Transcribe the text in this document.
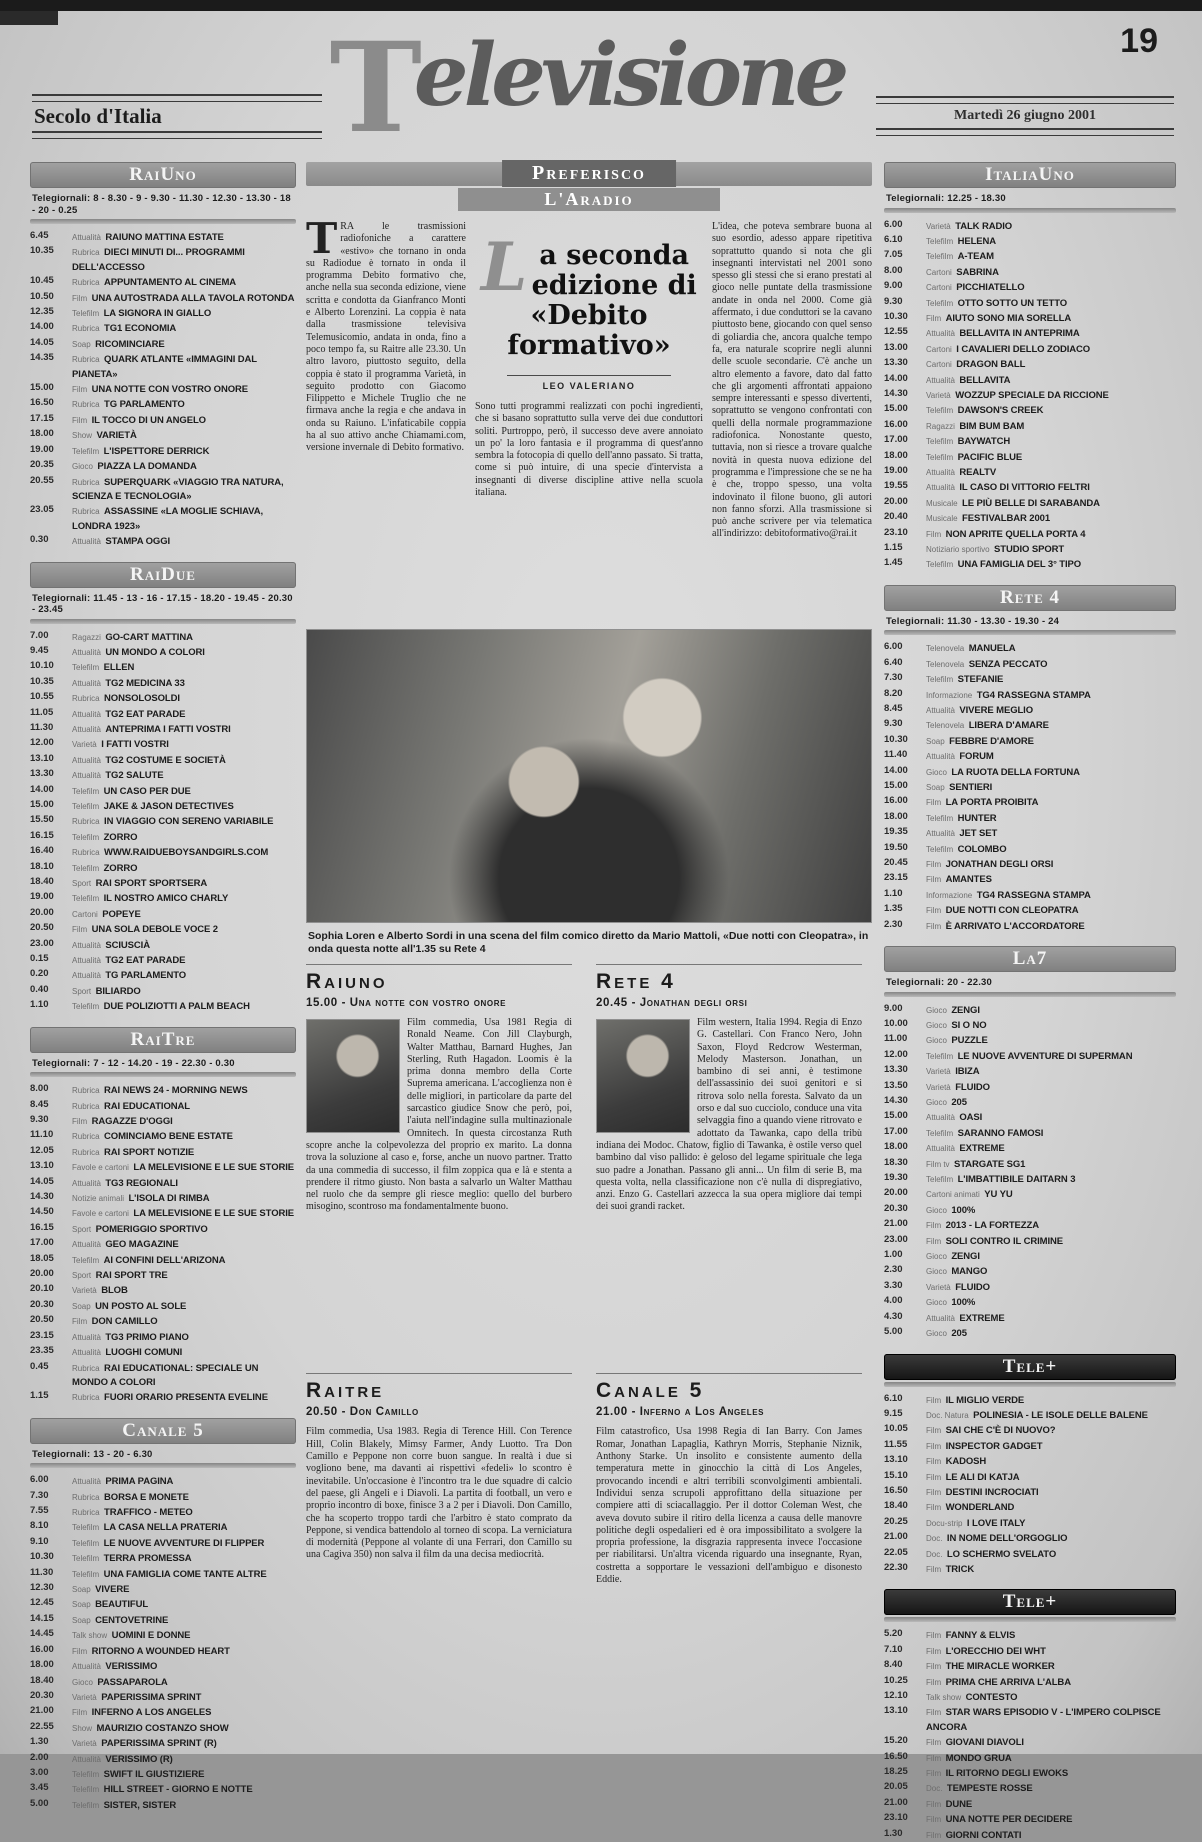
19
Secolo d'Italia	Televisione	Martedì 26 giugno 2001
RaiUno
Telegiornali: 8 - 8.30 - 9 - 9.30 - 11.30 - 12.30 - 13.30 - 18 - 20 - 0.25
6.45	Attualità RAIUNO MATTINA ESTATE
10.35	Rubrica DIECI MINUTI DI... PROGRAMMI DELL'ACCESSO
10.45	Rubrica APPUNTAMENTO AL CINEMA
10.50	Film UNA AUTOSTRADA ALLA TAVOLA ROTONDA
12.35	Telefilm LA SIGNORA IN GIALLO
14.00	Rubrica TG1 ECONOMIA
14.05	Soap RICOMINCIARE
14.35	Rubrica QUARK ATLANTE «IMMAGINI DAL PIANETA»
15.00	Film UNA NOTTE CON VOSTRO ONORE
16.50	Rubrica TG PARLAMENTO
17.15	Film IL TOCCO DI UN ANGELO
18.00	Show VARIETÀ
19.00	Telefilm L'ISPETTORE DERRICK
20.35	Gioco PIAZZA LA DOMANDA
20.55	Rubrica SUPERQUARK «VIAGGIO TRA NATURA, SCIENZA E TECNOLOGIA»
23.05	Rubrica ASSASSINE «LA MOGLIE SCHIAVA, LONDRA 1923»
0.30	Attualità STAMPA OGGI
RaiDue
Telegiornali: 11.45 - 13 - 16 - 17.15 - 18.20 - 19.45 - 20.30 - 23.45
7.00	Ragazzi GO-CART MATTINA
9.45	Attualità UN MONDO A COLORI
10.10	Telefilm ELLEN
10.35	Attualità TG2 MEDICINA 33
10.55	Rubrica NONSOLOSOLDI
11.05	Attualità TG2 EAT PARADE
11.30	Attualità ANTEPRIMA I FATTI VOSTRI
12.00	Varietà I FATTI VOSTRI
13.10	Attualità TG2 COSTUME E SOCIETÀ
13.30	Attualità TG2 SALUTE
14.00	Telefilm UN CASO PER DUE
15.00	Telefilm JAKE & JASON DETECTIVES
15.50	Rubrica IN VIAGGIO CON SERENO VARIABILE
16.15	Telefilm ZORRO
16.40	Rubrica WWW.RAIDUEBOYSANDGIRLS.COM
18.10	Telefilm ZORRO
18.40	Sport RAI SPORT SPORTSERA
19.00	Telefilm IL NOSTRO AMICO CHARLY
20.00	Cartoni POPEYE
20.50	Film UNA SOLA DEBOLE VOCE 2
23.00	Attualità SCIUSCIÀ
0.15	Attualità TG2 EAT PARADE
0.20	Attualità TG PARLAMENTO
0.40	Sport BILIARDO
1.10	Telefilm DUE POLIZIOTTI A PALM BEACH
RaiTre
Telegiornali: 7 - 12 - 14.20 - 19 - 22.30 - 0.30
8.00	Rubrica RAI NEWS 24 - MORNING NEWS
8.45	Rubrica RAI EDUCATIONAL
9.30	Film RAGAZZE D'OGGI
11.10	Rubrica COMINCIAMO BENE ESTATE
12.05	Rubrica RAI SPORT NOTIZIE
13.10	Favole e cartoni LA MELEVISIONE E LE SUE STORIE
14.05	Attualità TG3 REGIONALI
14.30	Notizie animali L'ISOLA DI RIMBA
14.50	Favole e cartoni LA MELEVISIONE E LE SUE STORIE
16.15	Sport POMERIGGIO SPORTIVO
17.00	Attualità GEO MAGAZINE
18.05	Telefilm AI CONFINI DELL'ARIZONA
20.00	Sport RAI SPORT TRE
20.10	Varietà BLOB
20.30	Soap UN POSTO AL SOLE
20.50	Film DON CAMILLO
23.15	Attualità TG3 PRIMO PIANO
23.35	Attualità LUOGHI COMUNI
0.45	Rubrica RAI EDUCATIONAL: SPECIALE UN MONDO A COLORI
1.15	Rubrica FUORI ORARIO PRESENTA EVELINE
Canale 5
Telegiornali: 13 - 20 - 6.30
6.00	Attualità PRIMA PAGINA
7.30	Rubrica BORSA E MONETE
7.55	Rubrica TRAFFICO - METEO
8.10	Telefilm LA CASA NELLA PRATERIA
9.10	Telefilm LE NUOVE AVVENTURE DI FLIPPER
10.30	Telefilm TERRA PROMESSA
11.30	Telefilm UNA FAMIGLIA COME TANTE ALTRE
12.30	Soap VIVERE
12.45	Soap BEAUTIFUL
14.15	Soap CENTOVETRINE
14.45	Talk show UOMINI E DONNE
16.00	Film RITORNO A WOUNDED HEART
18.00	Attualità VERISSIMO
18.40	Gioco PASSAPAROLA
20.30	Varietà PAPERISSIMA SPRINT
21.00	Film INFERNO A LOS ANGELES
22.55	Show MAURIZIO COSTANZO SHOW
1.30	Varietà PAPERISSIMA SPRINT (R)
2.00	Attualità VERISSIMO (R)
3.00	Telefilm SWIFT IL GIUSTIZIERE
3.45	Telefilm HILL STREET - GIORNO E NOTTE
5.00	Telefilm SISTER, SISTER
Preferisco
L'Aradio
TRA le trasmissioni radiofoniche a carattere «estivo» che tornano in onda su Radiodue è tornato in onda il programma Debito formativo che, anche nella sua seconda edizione, viene scritta e condotta da Gianfranco Monti e Alberto Lorenzini. La coppia è nata dalla trasmissione televisiva Telemusicomio, andata in onda, fino a poco tempo fa, su Raitre alle 23.30. Un altro lavoro, piuttosto seguito, della coppia è stato il programma Varietà, in seguito prodotto con Giacomo Filippetto e Michele Truglio che ne firmava anche la regia e che andava in onda su Raiuno. L'infaticabile coppia ha al suo attivo anche Chiamami.com, versione invernale di Debito formativo.
La seconda edizione di «Debito formativo»
LEO VALERIANO
Sono tutti programmi realizzati con pochi ingredienti, che si basano soprattutto sulla verve dei due conduttori soliti. Purtroppo, però, il successo deve avere annoiato un po' la loro fantasia e il programma di quest'anno sembra la fotocopia di quello dell'anno passato. Si tratta, come si può intuire, di una specie d'intervista a insegnanti di diverse discipline attive nella scuola italiana.
L'idea, che poteva sembrare buona al suo esordio, adesso appare ripetitiva soprattutto quando si nota che gli insegnanti intervistati nel 2001 sono spesso gli stessi che si erano prestati al gioco nelle puntate della trasmissione andate in onda nel 2000. Come già affermato, i due conduttori se la cavano piuttosto bene, giocando con quel senso di goliardia che, ancora qualche tempo fa, era naturale scoprire negli alunni delle scuole secondarie. C'è anche un altro elemento a favore, dato dal fatto che gli argomenti affrontati appaiono sempre interessanti e spesso divertenti, soprattutto se vengono confrontati con quelli della normale programmazione radiofonica. Nonostante questo, tuttavia, non si riesce a trovare qualche novità in questa nuova edizione del programma e l'impressione che se ne ha è che, troppo spesso, una volta indovinato il filone buono, gli autori non fanno sforzi. Alla trasmissione si può anche scrivere per via telematica all'indirizzo: debitoformativo@rai.it
Sophia Loren e Alberto Sordi in una scena del film comico diretto da Mario Mattoli, «Due notti con Cleopatra», in onda questa notte all'1.35 su Rete 4
Raiuno
15.00 - Una notte con vostro onore
Film commedia, Usa 1981 Regia di Ronald Neame. Con Jill Clayburgh, Walter Matthau, Barnard Hughes, Jan Sterling, Ruth Hagadon. Loomis è la prima donna membro della Corte Suprema americana. L'accoglienza non è delle migliori, in particolare da parte del sarcastico giudice Snow che però, poi, l'aiuta nell'indagine sulla multinazionale Omnitech. In questa circostanza Ruth scopre anche la colpevolezza del proprio ex marito. La donna trova la soluzione al caso e, forse, anche un nuovo partner. Tratto da una commedia di successo, il film zoppica qua e là e stenta a prendere il ritmo giusto. Non basta a salvarlo un Walter Matthau nel ruolo che da sempre gli riesce meglio: quello del burbero misogino, scontroso ma fondamentalmente buono.
Rete 4
20.45 - Jonathan degli orsi
Film western, Italia 1994. Regia di Enzo G. Castellari. Con Franco Nero, John Saxon, Floyd Redcrow Westerman, Melody Masterson. Jonathan, un bambino di sei anni, è testimone dell'assassinio dei suoi genitori e si ritrova solo nella foresta. Salvato da un orso e dal suo cucciolo, conduce una vita selvaggia fino a quando viene ritrovato e adottato da Tawanka, capo della tribù indiana dei Modoc. Chatow, figlio di Tawanka, è ostile verso quel bambino dal viso pallido: è geloso del legame spirituale che lega suo padre a Jonathan. Passano gli anni... Un film di serie B, ma questa volta, nella classificazione non c'è nulla di dispregiativo, anzi. Enzo G. Castellari azzecca la sua opera migliore dai tempi dei suoi grandi racket.
Raitre
20.50 - Don Camillo
Film commedia, Usa 1983. Regia di Terence Hill. Con Terence Hill, Colin Blakely, Mimsy Farmer, Andy Luotto. Tra Don Camillo e Peppone non corre buon sangue. In realtà i due si vogliono bene, ma davanti ai rispettivi «fedeli» lo scontro è inevitabile. Un'occasione è l'incontro tra le due squadre di calcio del paese, gli Angeli e i Diavoli. La partita di football, un vero e proprio incontro di boxe, finisce 3 a 2 per i Diavoli. Don Camillo, che ha scoperto troppo tardi che l'arbitro è stato comprato da Peppone, si vendica battendolo al torneo di scopa. La verniciatura di modernità (Peppone al volante di una Ferrari, don Camillo su una Cagiva 350) non salva il film da una decisa mediocrità.
Canale 5
21.00 - Inferno a Los Angeles
Film catastrofico, Usa 1998 Regia di Ian Barry. Con James Romar, Jonathan Lapaglia, Kathryn Morris, Stephanie Niznik, Anthony Starke. Un insolito e consistente aumento della temperatura mette in ginocchio la città di Los Angeles, provocando incendi e altri terribili sconvolgimenti ambientali. Individui senza scrupoli approfittano della situazione per compiere atti di sciacallaggio. Per il dottor Coleman West, che aveva dovuto subire il ritiro della licenza a causa delle manovre politiche degli ospedalieri ed è ora impossibilitato a svolgere la propria professione, la disgrazia rappresenta invece l'occasione per riabilitarsi. Un'altra vicenda riguardo una insegnante, Ryan, costretta a sopportare le vessazioni dell'ambiguo e disonesto Eddie.
ItaliaUno
Telegiornali: 12.25 - 18.30
6.00	Varietà TALK RADIO
6.10	Telefilm HELENA
7.05	Telefilm A-TEAM
8.00	Cartoni SABRINA
9.00	Cartoni PICCHIATELLO
9.30	Telefilm OTTO SOTTO UN TETTO
10.30	Film AIUTO SONO MIA SORELLA
12.55	Attualità BELLAVITA IN ANTEPRIMA
13.00	Cartoni I CAVALIERI DELLO ZODIACO
13.30	Cartoni DRAGON BALL
14.00	Attualità BELLAVITA
14.30	Varietà WOZZUP SPECIALE DA RICCIONE
15.00	Telefilm DAWSON'S CREEK
16.00	Ragazzi BIM BUM BAM
17.00	Telefilm BAYWATCH
18.00	Telefilm PACIFIC BLUE
19.00	Attualità REALTV
19.55	Attualità IL CASO DI VITTORIO FELTRI
20.00	Musicale LE PIÙ BELLE DI SARABANDA
20.40	Musicale FESTIVALBAR 2001
23.10	Film NON APRITE QUELLA PORTA 4
1.15	Notiziario sportivo STUDIO SPORT
1.45	Telefilm UNA FAMIGLIA DEL 3° TIPO
Rete 4
Telegiornali: 11.30 - 13.30 - 19.30 - 24
6.00	Telenovela MANUELA
6.40	Telenovela SENZA PECCATO
7.30	Telefilm STEFANIE
8.20	Informazione TG4 RASSEGNA STAMPA
8.45	Attualità VIVERE MEGLIO
9.30	Telenovela LIBERA D'AMARE
10.30	Soap FEBBRE D'AMORE
11.40	Attualità FORUM
14.00	Gioco LA RUOTA DELLA FORTUNA
15.00	Soap SENTIERI
16.00	Film LA PORTA PROIBITA
18.00	Telefilm HUNTER
19.35	Attualità JET SET
19.50	Telefilm COLOMBO
20.45	Film JONATHAN DEGLI ORSI
23.15	Film AMANTES
1.10	Informazione TG4 RASSEGNA STAMPA
1.35	Film DUE NOTTI CON CLEOPATRA
2.30	Film È ARRIVATO L'ACCORDATORE
La7
Telegiornali: 20 - 22.30
9.00	Gioco ZENGI
10.00	Gioco SI O NO
11.00	Gioco PUZZLE
12.00	Telefilm LE NUOVE AVVENTURE DI SUPERMAN
13.30	Varietà IBIZA
13.50	Varietà FLUIDO
14.30	Gioco 205
15.00	Attualità OASI
17.00	Telefilm SARANNO FAMOSI
18.00	Attualità EXTREME
18.30	Film tv STARGATE SG1
19.30	Telefilm L'IMBATTIBILE DAITARN 3
20.00	Cartoni animati YU YU
20.30	Gioco 100%
21.00	Film 2013 - LA FORTEZZA
23.00	Film SOLI CONTRO IL CRIMINE
1.00	Gioco ZENGI
2.30	Gioco MANGO
3.30	Varietà FLUIDO
4.00	Gioco 100%
4.30	Attualità EXTREME
5.00	Gioco 205
Tele+
6.10	Film IL MIGLIO VERDE
9.15	Doc. Natura POLINESIA - LE ISOLE DELLE BALENE
10.05	Film SAI CHE C'È DI NUOVO?
11.55	Film INSPECTOR GADGET
13.10	Film KADOSH
15.10	Film LE ALI DI KATJA
16.50	Film DESTINI INCROCIATI
18.40	Film WONDERLAND
20.25	Docu-strip I LOVE ITALY
21.00	Doc. IN NOME DELL'ORGOGLIO
22.05	Doc. LO SCHERMO SVELATO
22.30	Film TRICK
Tele+
5.20	Film FANNY & ELVIS
7.10	Film L'ORECCHIO DEI WHT
8.40	Film THE MIRACLE WORKER
10.25	Film PRIMA CHE ARRIVA L'ALBA
12.10	Talk show CONTESTO
13.10	Film STAR WARS EPISODIO V - L'IMPERO COLPISCE ANCORA
15.20	Film GIOVANI DIAVOLI
16.50	Film MONDO GRUA
18.25	Film IL RITORNO DEGLI EWOKS
20.05	Doc. TEMPESTE ROSSE
21.00	Film DUNE
23.10	Film UNA NOTTE PER DECIDERE
1.30	Film GIORNI CONTATI
